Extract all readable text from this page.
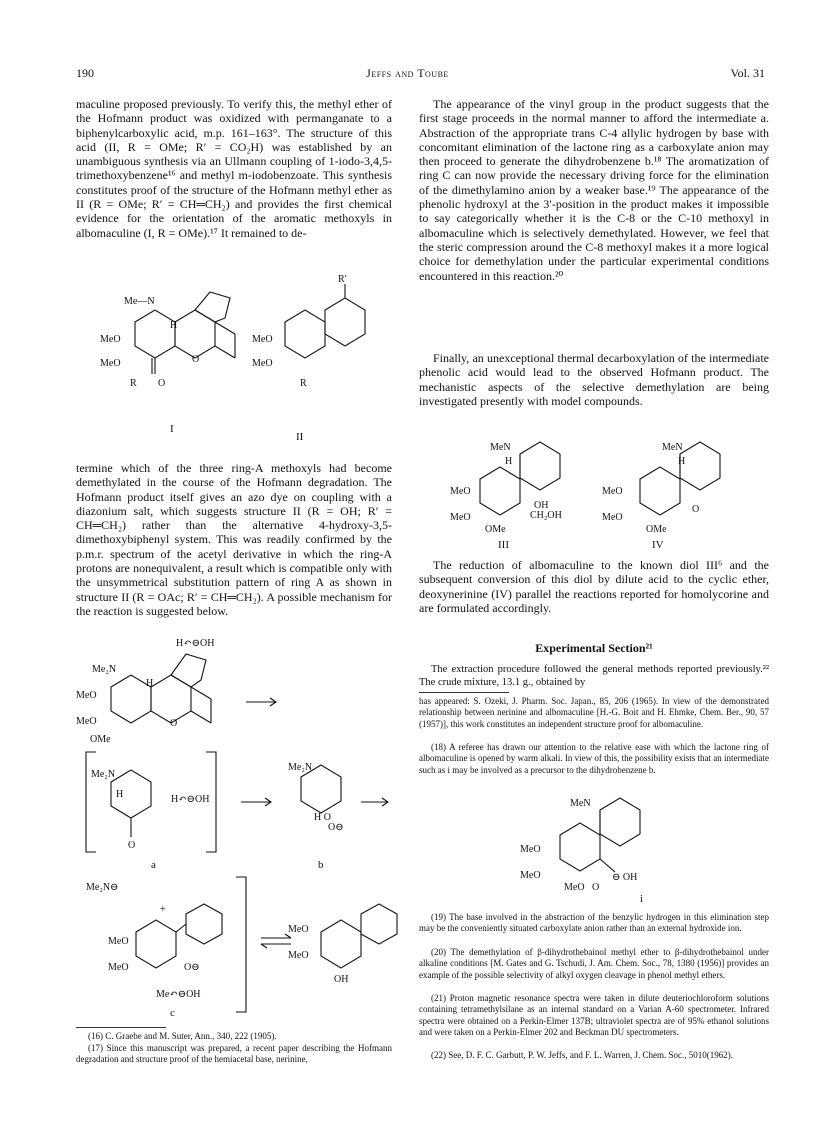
190	Jeffs and Toube	Vol. 31

maculine proposed previously. To verify this, the methyl ether of the Hofmann product was oxidized with permanganate to a biphenylcarboxylic acid, m.p. 161–163°. The structure of this acid (II, R = OMe; R′ = CO₂H) was established by an unambiguous synthesis via an Ullmann coupling of 1-iodo-3,4,5-trimethoxybenzene¹⁶ and methyl m-iodobenzoate. This synthesis constitutes proof of the structure of the Hofmann methyl ether as II (R = OMe; R′ = CH═CH₂) and provides the first chemical evidence for the orientation of the aromatic methoxyls in albomaculine (I, R = OMe).¹⁷ It remained to de-

Me—N
H
MeO
MeO	O
R O
I
R′
MeO
MeO
R
II

termine which of the three ring-A methoxyls had become demethylated in the course of the Hofmann degradation. The Hofmann product itself gives an azo dye on coupling with a diazonium salt, which suggests structure II (R = OH; R′ = CH═CH₂) rather than the alternative 4-hydroxy-3,5-dimethoxybiphenyl system. This was readily confirmed by the p.m.r. spectrum of the acetyl derivative in which the ring-A protons are nonequivalent, a result which is compatible only with the unsymmetrical substitution pattern of ring A as shown in structure II (R = OAc; R′ = CH═CH₂). A possible mechanism for the reaction is suggested below.

H↶⊖OH
Me₂N
H
MeO
MeO
OMe
O
Me₂N
H	H↶⊖OH
O
a
Me₂N
H O
O⊖
b
Me₂N⊖
+
MeO
MeO	O⊖
Me↶⊖OH
c
MeO
MeO
OH

(16) C. Graebe and M. Suter, Ann., 340, 222 (1905).

(17) Since this manuscript was prepared, a recent paper describing the Hofmann degradation and structure proof of the hemiacetal base, nerinine,

The appearance of the vinyl group in the product suggests that the first stage proceeds in the normal manner to afford the intermediate a. Abstraction of the appropriate trans C-4 allylic hydrogen by base with concomitant elimination of the lactone ring as a carboxylate anion may then proceed to generate the dihydrobenzene b.¹⁸ The aromatization of ring C can now provide the necessary driving force for the elimination of the dimethylamino anion by a weaker base.¹⁹ The appearance of the phenolic hydroxyl at the 3′-position in the product makes it impossible to say categorically whether it is the C-8 or the C-10 methoxyl in albomaculine which is selectively demethylated. However, we feel that the steric compression around the C-8 methoxyl makes it a more logical choice for demethylation under the particular experimental conditions encountered in this reaction.²⁰

Finally, an unexceptional thermal decarboxylation of the intermediate phenolic acid would lead to the observed Hofmann product. The mechanistic aspects of the selective demethylation are being investigated presently with model compounds.

MeN
H
MeO
MeO
OH
CH₂OH
OMe
III
MeN
H
MeO
MeO
O
OMe
IV

The reduction of albomaculine to the known diol III⁶ and the subsequent conversion of this diol by dilute acid to the cyclic ether, deoxynerinine (IV) parallel the reactions reported for homolycorine and are formulated accordingly.

Experimental Section²¹

The extraction procedure followed the general methods reported previously.²² The crude mixture, 13.1 g., obtained by

has appeared: S. Ozeki, J. Pharm. Soc. Japan., 85, 206 (1965). In view of the demonstrated relationship between nerinine and albomaculine [H.-G. Boit and H. Ehmke, Chem. Ber., 90, 57 (1957)], this work constitutes an independent structure proof for albomaculine.

(18) A referee has drawn our attention to the relative ease with which the lactone ring of albomaculine is opened by warm alkali. In view of this, the possibility exists that an intermediate such as i may be involved as a precursor to the dihydrobenzene b.

MeN
MeO
MeO	⊖ OH
MeO O
i

(19) The base involved in the abstraction of the benzylic hydrogen in this elimination step may be the conveniently situated carboxylate anion rather than an external hydroxide ion.

(20) The demethylation of β-dihydrothebainol methyl ether to β-dihydrothebainol under alkaline conditions [M. Gates and G. Tschudi, J. Am. Chem. Soc., 78, 1380 (1956)] provides an example of the possible selectivity of alkyl oxygen cleavage in phenol methyl ethers.

(21) Proton magnetic resonance spectra were taken in dilute deuteriochloroform solutions containing tetramethylsilane as an internal standard on a Varian A-60 spectrometer. Infrared spectra were obtained on a Perkin-Elmer 137B; ultraviolet spectra are of 95% ethanol solutions and were taken on a Perkin-Elmer 202 and Beckman DU spectrometers.

(22) See, D. F. C. Garbutt, P. W. Jeffs, and F. L. Warren, J. Chem. Soc., 5010(1962).
